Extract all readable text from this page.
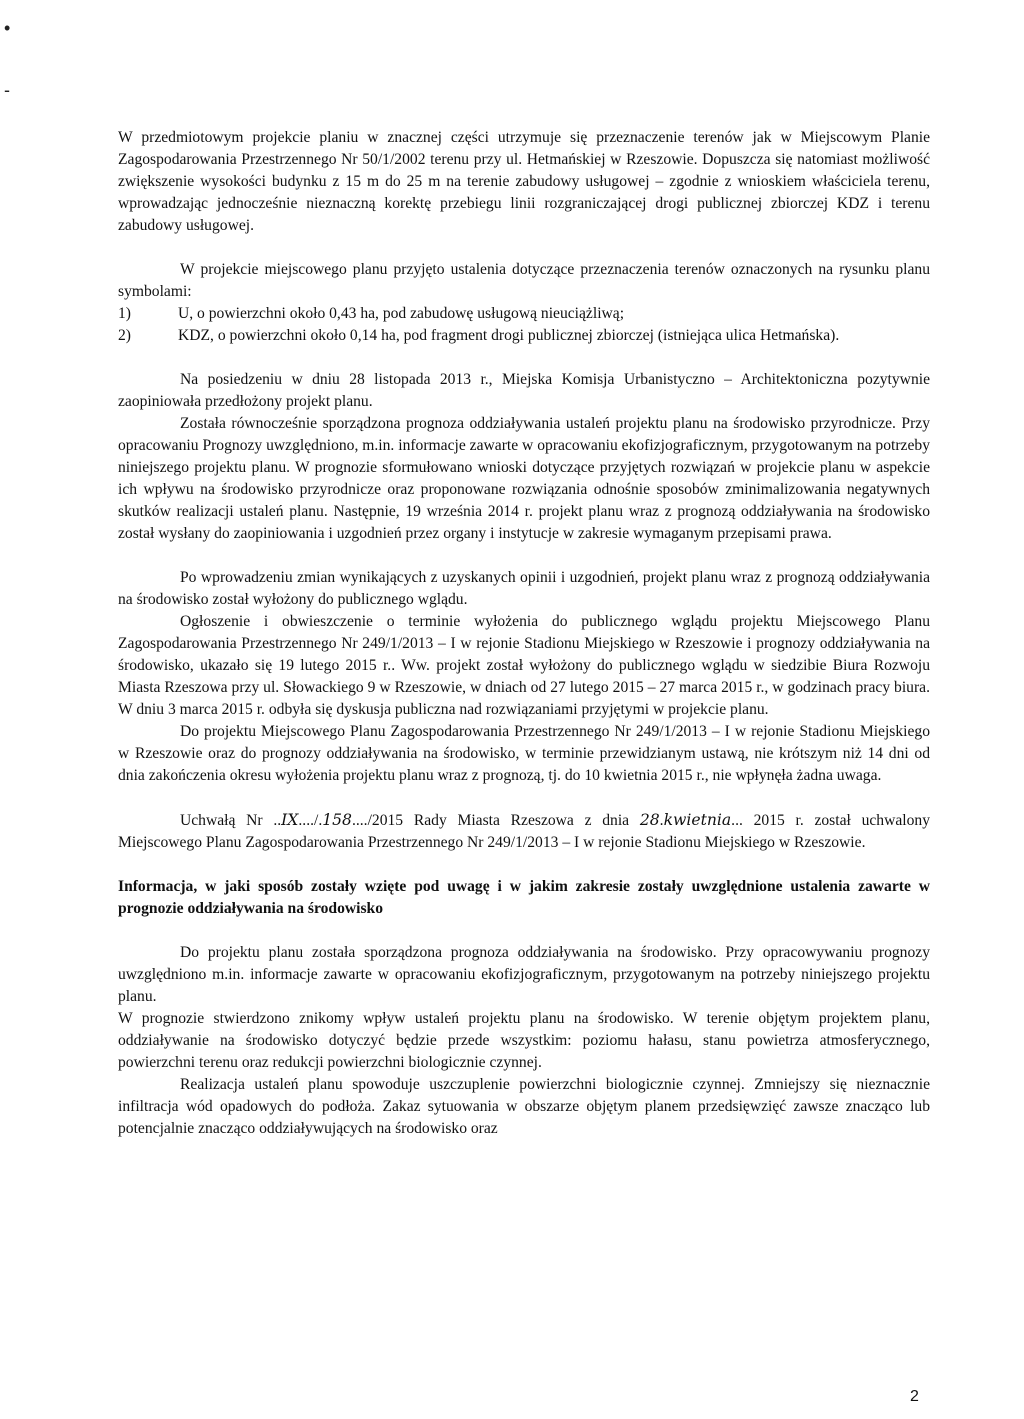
•
-

W przedmiotowym projekcie planiu w znacznej części utrzymuje się przeznaczenie terenów jak w Miejscowym Planie Zagospodarowania Przestrzennego Nr 50/1/2002 terenu przy ul. Hetmańskiej w Rzeszowie. Dopuszcza się natomiast możliwość zwiększenie wysokości budynku z 15 m do 25 m na terenie zabudowy usługowej – zgodnie z wnioskiem właściciela terenu, wprowadzając jednocześnie nieznaczną korektę przebiegu linii rozgraniczającej drogi publicznej zbiorczej KDZ i terenu zabudowy usługowej.

W projekcie miejscowego planu przyjęto ustalenia dotyczące przeznaczenia terenów oznaczonych na rysunku planu symbolami:

1)	U, o powierzchni około 0,43 ha, pod zabudowę usługową nieuciążliwą;
2)	KDZ, o powierzchni około 0,14 ha, pod fragment drogi publicznej zbiorczej (istniejąca ulica Hetmańska).

Na posiedzeniu w dniu 28 listopada 2013 r., Miejska Komisja Urbanistyczno – Architektoniczna pozytywnie zaopiniowała przedłożony projekt planu.

Została równocześnie sporządzona prognoza oddziaływania ustaleń projektu planu na środowisko przyrodnicze. Przy opracowaniu Prognozy uwzględniono, m.in. informacje zawarte w opracowaniu ekofizjograficznym, przygotowanym na potrzeby niniejszego projektu planu. W prognozie sformułowano wnioski dotyczące przyjętych rozwiązań w projekcie planu w aspekcie ich wpływu na środowisko przyrodnicze oraz proponowane rozwiązania odnośnie sposobów zminimalizowania negatywnych skutków realizacji ustaleń planu. Następnie, 19 września 2014 r. projekt planu wraz z prognozą oddziaływania na środowisko został wysłany do zaopiniowania i uzgodnień przez organy i instytucje w zakresie wymaganym przepisami prawa.

Po wprowadzeniu zmian wynikających z uzyskanych opinii i uzgodnień, projekt planu wraz z prognozą oddziaływania na środowisko został wyłożony do publicznego wglądu.

Ogłoszenie i obwieszczenie o terminie wyłożenia do publicznego wglądu projektu Miejscowego Planu Zagospodarowania Przestrzennego Nr 249/1/2013 – I w rejonie Stadionu Miejskiego w Rzeszowie i prognozy oddziaływania na środowisko, ukazało się 19 lutego 2015 r.. Ww. projekt został wyłożony do publicznego wglądu w siedzibie Biura Rozwoju Miasta Rzeszowa przy ul. Słowackiego 9 w Rzeszowie, w dniach od 27 lutego 2015 – 27 marca 2015 r., w godzinach pracy biura. W dniu 3 marca 2015 r. odbyła się dyskusja publiczna nad rozwiązaniami przyjętymi w projekcie planu.

Do projektu Miejscowego Planu Zagospodarowania Przestrzennego Nr 249/1/2013 – I w rejonie Stadionu Miejskiego w Rzeszowie oraz do prognozy oddziaływania na środowisko, w terminie przewidzianym ustawą, nie krótszym niż 14 dni od dnia zakończenia okresu wyłożenia projektu planu wraz z prognozą, tj. do 10 kwietnia 2015 r., nie wpłynęła żadna uwaga.

Uchwałą Nr ..IX..../.158..../2015 Rady Miasta Rzeszowa z dnia 28.kwietnia... 2015 r. został uchwalony Miejscowego Planu Zagospodarowania Przestrzennego Nr 249/1/2013 – I w rejonie Stadionu Miejskiego w Rzeszowie.

Informacja, w jaki sposób zostały wzięte pod uwagę i w jakim zakresie zostały uwzględnione ustalenia zawarte w prognozie oddziaływania na środowisko

Do projektu planu została sporządzona prognoza oddziaływania na środowisko. Przy opracowywaniu prognozy uwzględniono m.in. informacje zawarte w opracowaniu ekofizjograficznym, przygotowanym na potrzeby niniejszego projektu planu.

W prognozie stwierdzono znikomy wpływ ustaleń projektu planu na środowisko. W terenie objętym projektem planu, oddziaływanie na środowisko dotyczyć będzie przede wszystkim: poziomu hałasu, stanu powietrza atmosferycznego, powierzchni terenu oraz redukcji powierzchni biologicznie czynnej.

Realizacja ustaleń planu spowoduje uszczuplenie powierzchni biologicznie czynnej. Zmniejszy się nieznacznie infiltracja wód opadowych do podłoża. Zakaz sytuowania w obszarze objętym planem przedsięwzięć zawsze znacząco lub potencjalnie znacząco oddziaływujących na środowisko oraz

2
